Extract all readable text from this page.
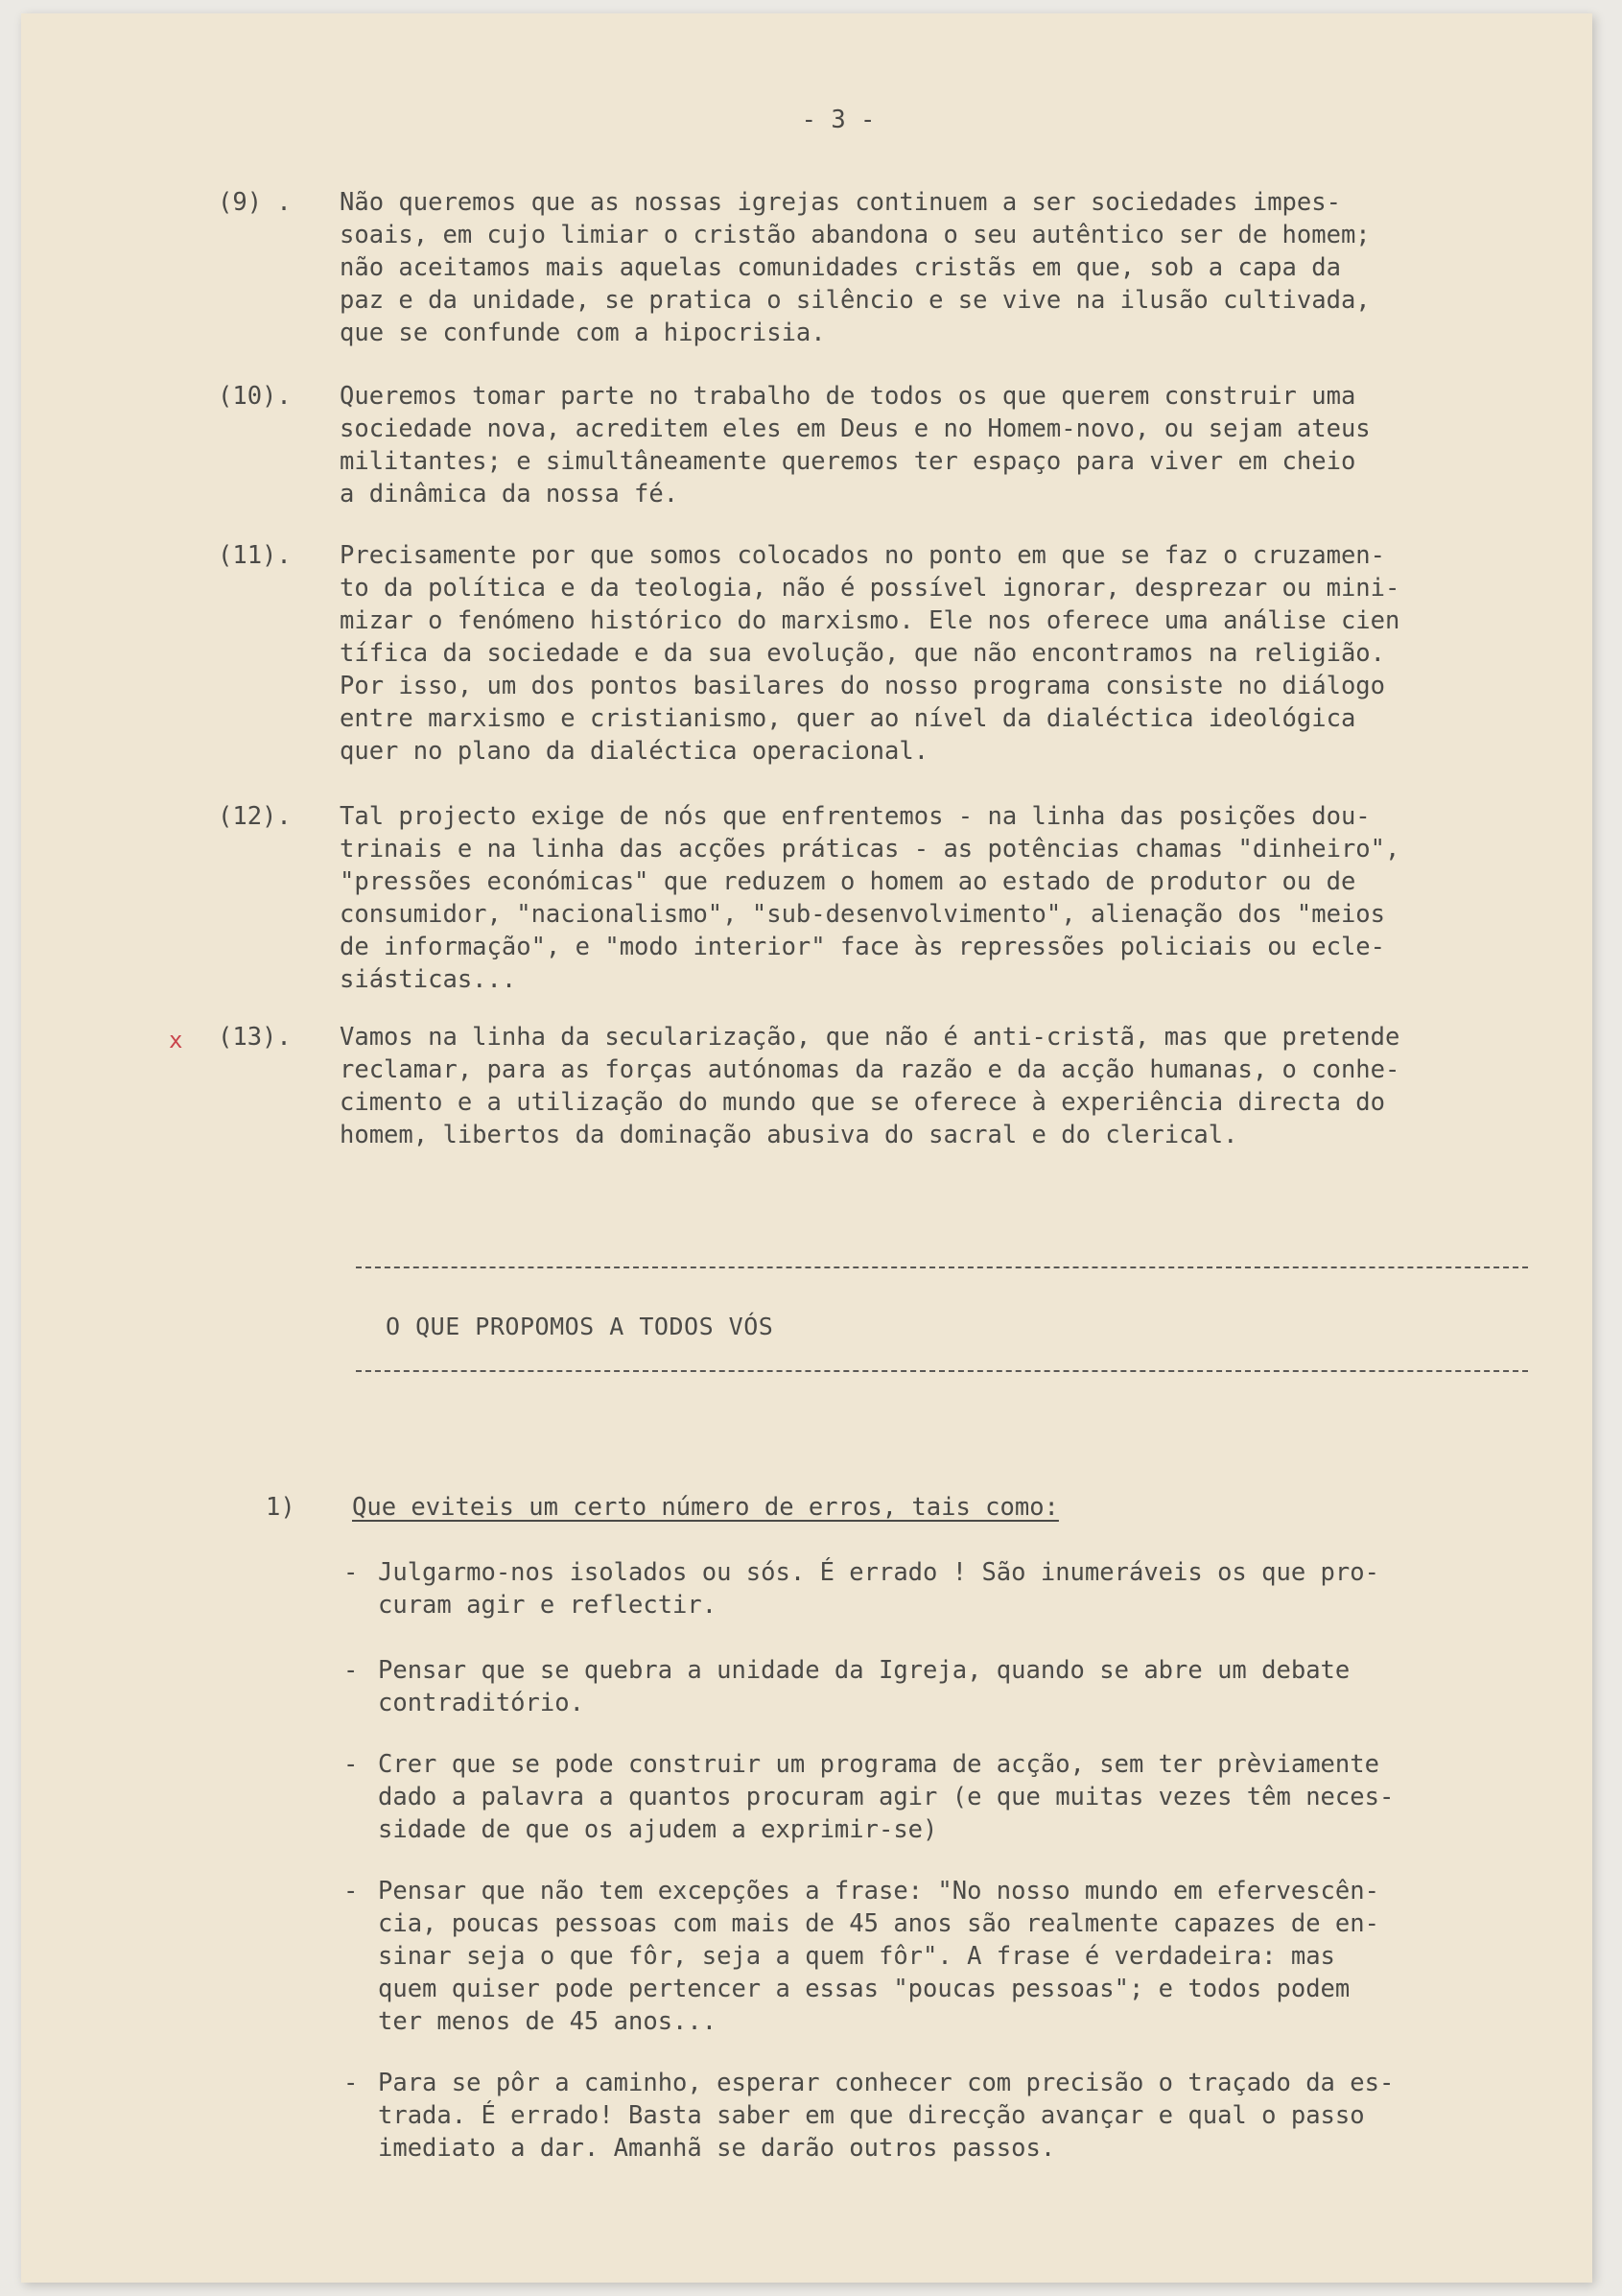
- 3 -

(9) . Não queremos que as nossas igrejas continuem a ser sociedades impes-

soais, em cujo limiar o cristão abandona o seu autêntico ser de homem;

não aceitamos mais aquelas comunidades cristãs em que, sob a capa da

paz e da unidade, se pratica o silêncio e se vive na ilusão cultivada,

que se confunde com a hipocrisia.

(10). Queremos tomar parte no trabalho de todos os que querem construir uma

sociedade nova, acreditem eles em Deus e no Homem-novo, ou sejam ateus

militantes; e simultâneamente queremos ter espaço para viver em cheio

a dinâmica da nossa fé.

(11). Precisamente por que somos colocados no ponto em que se faz o cruzamen-

to da política e da teologia, não é possível ignorar, desprezar ou mini-

mizar o fenómeno histórico do marxismo. Ele nos oferece uma análise cien

tífica da sociedade e da sua evolução, que não encontramos na religião.

Por isso, um dos pontos basilares do nosso programa consiste no diálogo

entre marxismo e cristianismo, quer ao nível da dialéctica ideológica

quer no plano da dialéctica operacional.

(12). Tal projecto exige de nós que enfrentemos - na linha das posições dou-

trinais e na linha das acções práticas - as potências chamas "dinheiro",

"pressões económicas" que reduzem o homem ao estado de produtor ou de

consumidor, "nacionalismo", "sub-desenvolvimento", alienação dos "meios

de informação", e "modo interior" face às repressões policiais ou ecle-

siásticas...

x (13). Vamos na linha da secularização, que não é anti-cristã, mas que pretende

reclamar, para as forças autónomas da razão e da acção humanas, o conhe-

cimento e a utilização do mundo que se oferece à experiência directa do

homem, libertos da dominação abusiva do sacral e do clerical.

O QUE PROPOMOS A TODOS VÓS

1) Que eviteis um certo número de erros, tais como:
- Julgarmo-nos isolados ou sós. É errado ! São inumeráveis os que pro-

curam agir e reflectir.

- Pensar que se quebra a unidade da Igreja, quando se abre um debate

contraditório.

- Crer que se pode construir um programa de acção, sem ter prèviamente

dado a palavra a quantos procuram agir (e que muitas vezes têm neces-

sidade de que os ajudem a exprimir-se)

- Pensar que não tem excepções a frase: "No nosso mundo em efervescên-

cia, poucas pessoas com mais de 45 anos são realmente capazes de en-

sinar seja o que fôr, seja a quem fôr". A frase é verdadeira: mas

quem quiser pode pertencer a essas "poucas pessoas"; e todos podem

ter menos de 45 anos...

- Para se pôr a caminho, esperar conhecer com precisão o traçado da es-

trada. É errado! Basta saber em que direcção avançar e qual o passo

imediato a dar. Amanhã se darão outros passos.
